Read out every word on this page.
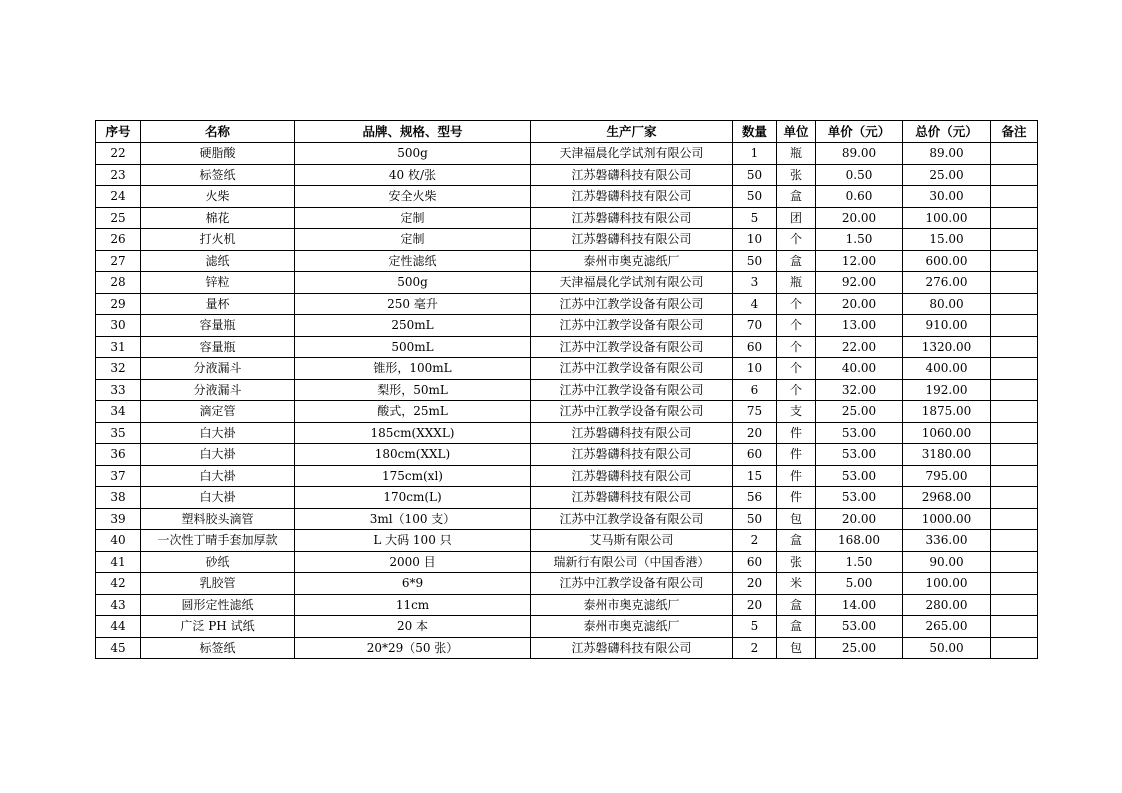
序号	名称	品牌、规格、型号	生产厂家	数量	单位	单价（元）	总价（元）	备注
22	硬脂酸	500g	天津福晨化学试剂有限公司	1	瓶	89.00	89.00	
23	标签纸	40 枚/张	江苏磐礴科技有限公司	50	张	0.50	25.00	
24	火柴	安全火柴	江苏磐礴科技有限公司	50	盒	0.60	30.00	
25	棉花	定制	江苏磐礴科技有限公司	5	团	20.00	100.00	
26	打火机	定制	江苏磐礴科技有限公司	10	个	1.50	15.00	
27	滤纸	定性滤纸	泰州市奥克滤纸厂	50	盒	12.00	600.00	
28	锌粒	500g	天津福晨化学试剂有限公司	3	瓶	92.00	276.00	
29	量杯	250 毫升	江苏中江教学设备有限公司	4	个	20.00	80.00	
30	容量瓶	250mL	江苏中江教学设备有限公司	70	个	13.00	910.00	
31	容量瓶	500mL	江苏中江教学设备有限公司	60	个	22.00	1320.00	
32	分液漏斗	锥形，100mL	江苏中江教学设备有限公司	10	个	40.00	400.00	
33	分液漏斗	梨形，50mL	江苏中江教学设备有限公司	6	个	32.00	192.00	
34	滴定管	酸式，25mL	江苏中江教学设备有限公司	75	支	25.00	1875.00	
35	白大褂	185cm(XXXL)	江苏磐礴科技有限公司	20	件	53.00	1060.00	
36	白大褂	180cm(XXL)	江苏磐礴科技有限公司	60	件	53.00	3180.00	
37	白大褂	175cm(xl)	江苏磐礴科技有限公司	15	件	53.00	795.00	
38	白大褂	170cm(L)	江苏磐礴科技有限公司	56	件	53.00	2968.00	
39	塑料胶头滴管	3ml（100 支）	江苏中江教学设备有限公司	50	包	20.00	1000.00	
40	一次性丁晴手套加厚款	L 大码 100 只	艾马斯有限公司	2	盒	168.00	336.00	
41	砂纸	2000 目	瑞新行有限公司（中国香港）	60	张	1.50	90.00	
42	乳胶管	6*9	江苏中江教学设备有限公司	20	米	5.00	100.00	
43	圆形定性滤纸	11cm	泰州市奥克滤纸厂	20	盒	14.00	280.00	
44	广泛 PH 试纸	20 本	泰州市奥克滤纸厂	5	盒	53.00	265.00	
45	标签纸	20*29（50 张）	江苏磐礴科技有限公司	2	包	25.00	50.00	
